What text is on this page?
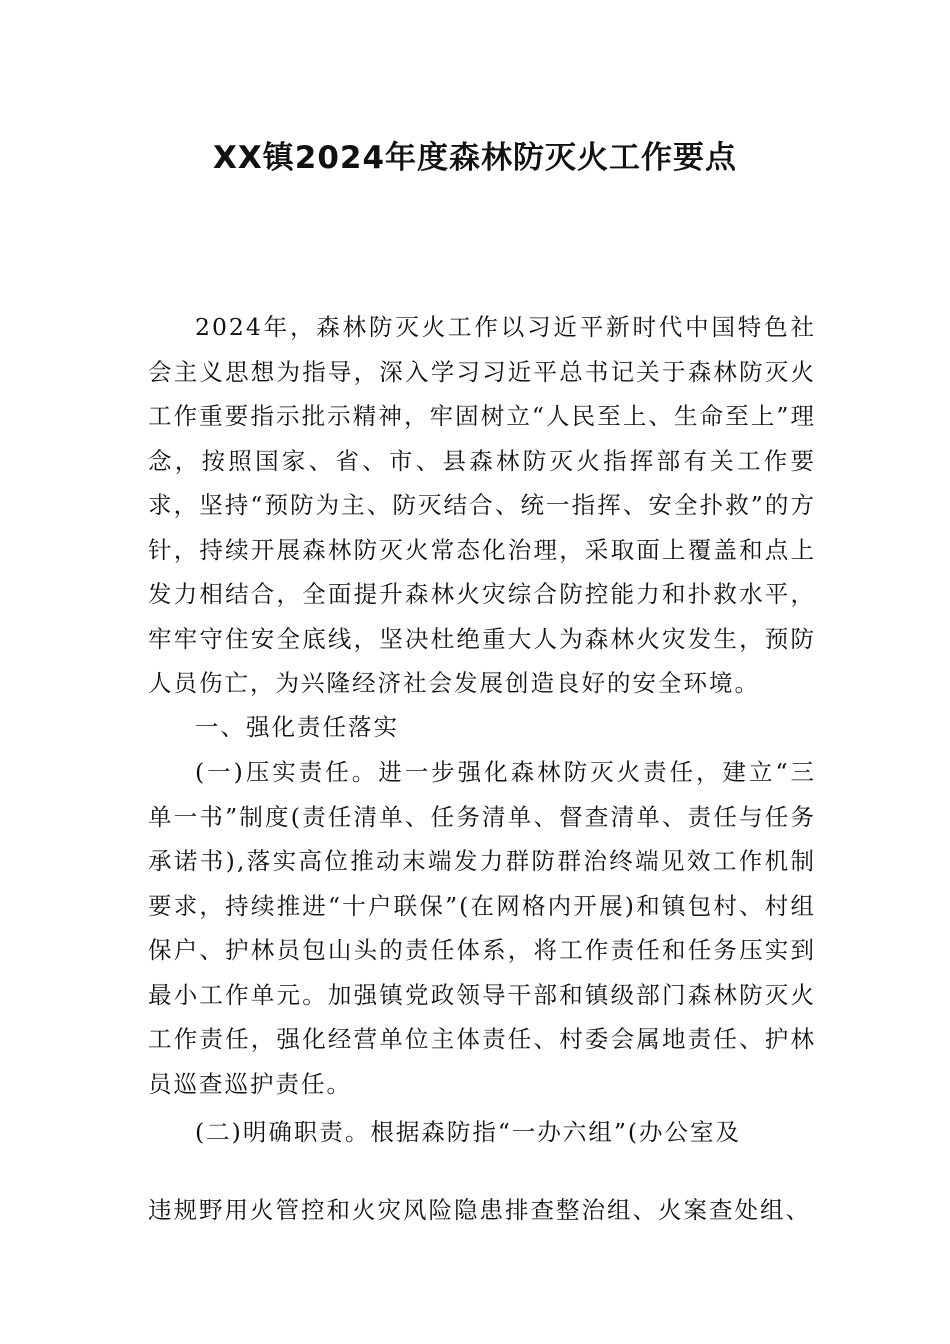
XX镇2024年度森林防灭火工作要点

2024年，森林防灭火工作以习近平新时代中国特色社会主义思想为指导，深入学习习近平总书记关于森林防灭火工作重要指示批示精神，牢固树立“人民至上、生命至上”理念，按照国家、省、市、县森林防灭火指挥部有关工作要求，坚持“预防为主、防灭结合、统一指挥、安全扑救”的方针，持续开展森林防灭火常态化治理，采取面上覆盖和点上发力相结合，全面提升森林火灾综合防控能力和扑救水平，牢牢守住安全底线，坚决杜绝重大人为森林火灾发生，预防人员伤亡，为兴隆经济社会发展创造良好的安全环境。

一、强化责任落实

(一)压实责任。进一步强化森林防灭火责任，建立“三单一书”制度(责任清单、任务清单、督查清单、责任与任务承诺书),落实高位推动末端发力群防群治终端见效工作机制要求，持续推进“十户联保”(在网格内开展)和镇包村、村组保户、护林员包山头的责任体系，将工作责任和任务压实到最小工作单元。加强镇党政领导干部和镇级部门森林防灭火工作责任，强化经营单位主体责任、村委会属地责任、护林员巡查巡护责任。

(二)明确职责。根据森防指“一办六组”(办公室及

违规野用火管控和火灾风险隐患排查整治组、火案查处组、
